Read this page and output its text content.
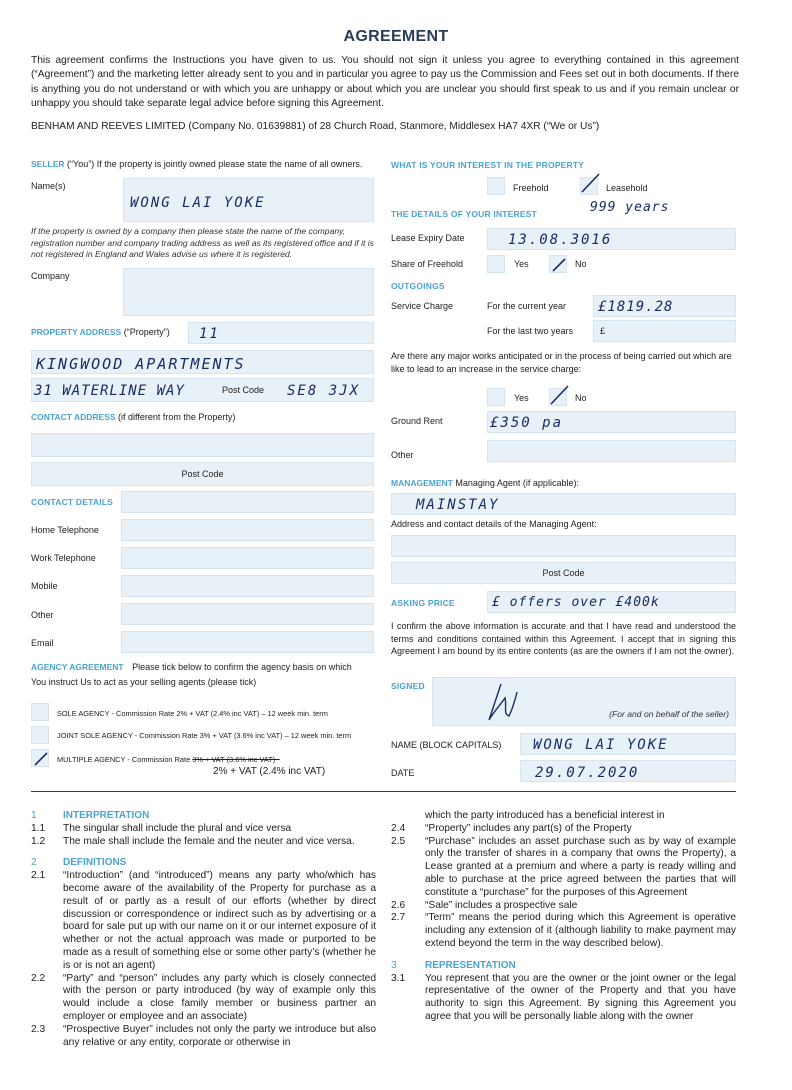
AGREEMENT
This agreement confirms the Instructions you have given to us. You should not sign it unless you agree to everything contained in this agreement (“Agreement”) and the marketing letter already sent to you and in particular you agree to pay us the Commission and Fees set out in both documents. If there is anything you do not understand or with which you are unhappy or about which you are unclear you should first speak to us and if you remain unclear or unhappy you should take separate legal advice before signing this Agreement.
BENHAM AND REEVES LIMITED (Company No. 01639881) of 28 Church Road, Stanmore, Middlesex HA7 4XR (“We or Us”)
SELLER (“You”) If the property is jointly owned please state the name of all owners.
Name(s)
WONG LAI YOKE
If the property is owned by a company then please state the name of the company, registration number and company trading address as well as its registered office and if it is not registered in England and Wales advise us where it is registered.
Company
PROPERTY ADDRESS (“Property”) 11
KINGWOOD APARTMENTS
31 WATERLINE WAY	Post Code SE8 3JX
CONTACT ADDRESS (if different from the Property)
Post Code
CONTACT DETAILS
Home Telephone
Work Telephone
Mobile
Other
Email
AGENCY AGREEMENT Please tick below to confirm the agency basis on which
You instruct Us to act as your selling agents (please tick)
SOLE AGENCY - Commission Rate 2% + VAT (2.4% inc VAT) – 12 week min. term
JOINT SOLE AGENCY - Commission Rate 3% + VAT (3.6% inc VAT) – 12 week min. term
MULTIPLE AGENCY - Commission Rate 3% + VAT (3.6% inc VAT) -
2% + VAT (2.4% inc VAT)
WHAT IS YOUR INTEREST IN THE PROPERTY
Freehold	Leasehold
THE DETAILS OF YOUR INTEREST	999 years
Lease Expiry Date	13.08.3016
Share of Freehold	Yes	No
OUTGOINGS
Service Charge	For the current year £1819.28
For the last two years	£
Are there any major works anticipated or in the process of being carried out which are like to lead to an increase in the service charge:
Yes	No
Ground Rent	£350 pa
Other
MANAGEMENT Managing Agent (if applicable):
MAINSTAY
Address and contact details of the Managing Agent:
Post Code
ASKING PRICE	£ offers over £400k
I confirm the above information is accurate and that I have read and understood the terms and conditions contained within this Agreement. I accept that in signing this Agreement I am bound by its entire contents (as are the owners if I am not the owner).
SIGNED
(For and on behalf of the seller)
NAME (BLOCK CAPITALS) WONG LAI YOKE
DATE	29.07.2020
1	INTERPRETATION
1.1	The singular shall include the plural and vice versa
1.2	The male shall include the female and the neuter and vice versa.
2	DEFINITIONS
2.1	“Introduction” (and “introduced”) means any party who/which has become aware of the availability of the Property for purchase as a result of or partly as a result of our efforts (whether by direct discussion or correspondence or indirect such as by advertising or a board for sale put up with our name on it or our internet exposure of it whether or not the actual approach was made or purported to be made as a result of something else or some other party’s (whether he is or is not an agent)
2.2	“Party” and “person” includes any party which is closely connected with the person or party introduced (by way of example only this would include a close family member or business partner an employer or employee and an associate)
2.3	“Prospective Buyer” includes not only the party we introduce but also any relative or any entity, corporate or otherwise in
which the party introduced has a beneficial interest in
2.4	“Property” includes any part(s) of the Property
2.5	“Purchase” includes an asset purchase such as by way of example only the transfer of shares in a company that owns the Property), a Lease granted at a premium and where a party is ready willing and able to purchase at the price agreed between the parties that will constitute a “purchase” for the purposes of this Agreement
2.6	“Sale” includes a prospective sale
2.7	“Term” means the period during which this Agreement is operative including any extension of it (although liability to make payment may extend beyond the term in the way described below).
3	REPRESENTATION
3.1	You represent that you are the owner or the joint owner or the legal representative of the owner of the Property and that you have authority to sign this Agreement. By signing this Agreement you agree that you will be personally liable along with the owner
